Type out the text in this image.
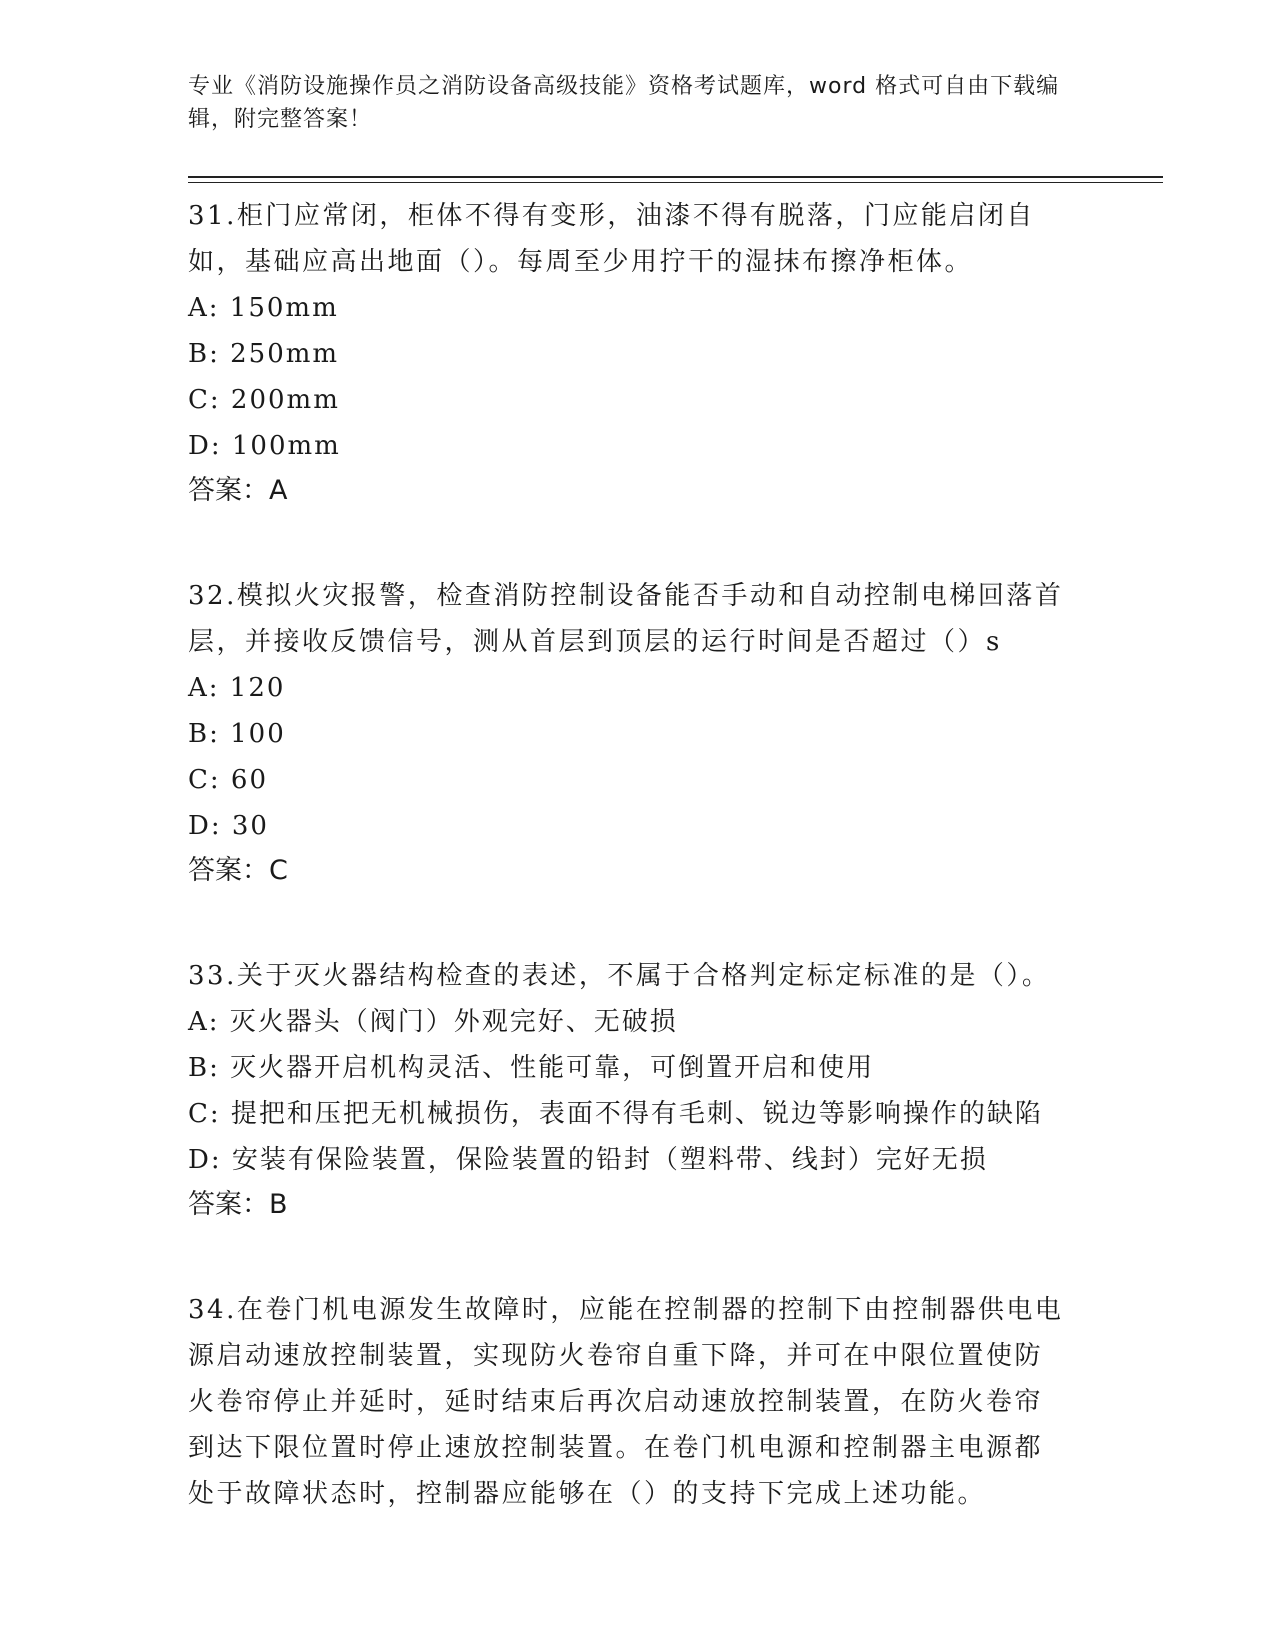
专业《消防设施操作员之消防设备高级技能》资格考试题库，word 格式可自由下载编辑，附完整答案！

31.柜门应常闭，柜体不得有变形，油漆不得有脱落，门应能启闭自如，基础应高出地面（）。每周至少用拧干的湿抹布擦净柜体。

A: 150mm

B: 250mm

C: 200mm

D: 100mm

答案：A

32.模拟火灾报警，检查消防控制设备能否手动和自动控制电梯回落首层，并接收反馈信号，测从首层到顶层的运行时间是否超过（）s

A: 120

B: 100

C: 60

D: 30

答案：C

33.关于灭火器结构检查的表述，不属于合格判定标定标准的是（）。

A: 灭火器头（阀门）外观完好、无破损

B: 灭火器开启机构灵活、性能可靠，可倒置开启和使用

C: 提把和压把无机械损伤，表面不得有毛刺、锐边等影响操作的缺陷

D: 安装有保险装置，保险装置的铅封（塑料带、线封）完好无损

答案：B

34.在卷门机电源发生故障时，应能在控制器的控制下由控制器供电电源启动速放控制装置，实现防火卷帘自重下降，并可在中限位置使防火卷帘停止并延时，延时结束后再次启动速放控制装置，在防火卷帘到达下限位置时停止速放控制装置。在卷门机电源和控制器主电源都处于故障状态时，控制器应能够在（）的支持下完成上述功能。
